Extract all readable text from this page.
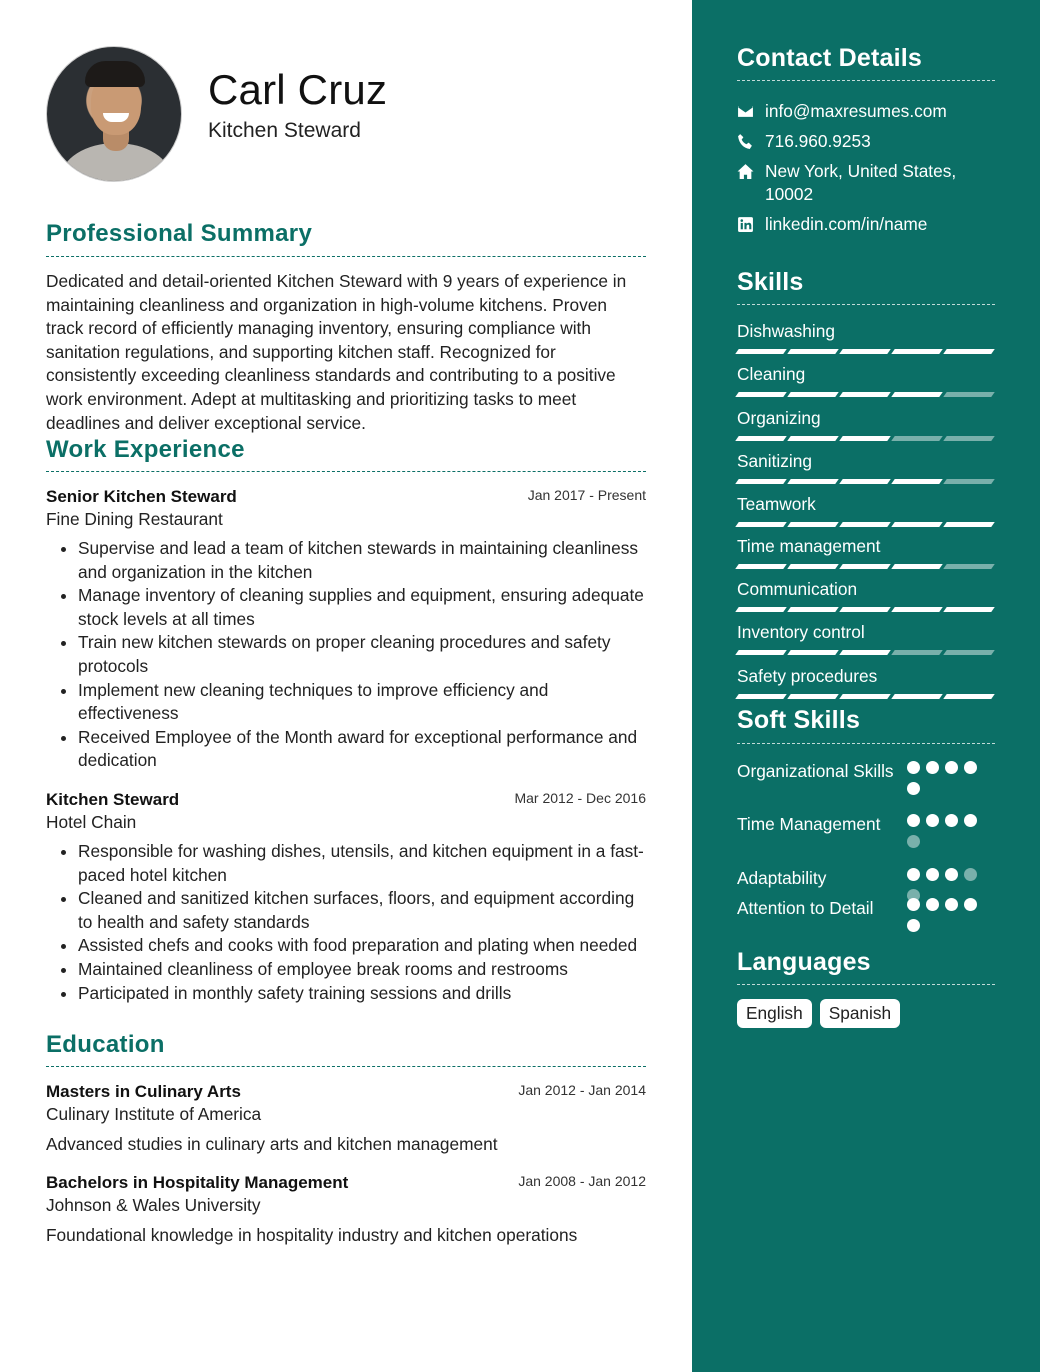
Carl Cruz
Kitchen Steward
Professional Summary
Dedicated and detail-oriented Kitchen Steward with 9 years of experience in maintaining cleanliness and organization in high-volume kitchens. Proven track record of efficiently managing inventory, ensuring compliance with sanitation regulations, and supporting kitchen staff. Recognized for consistently exceeding cleanliness standards and contributing to a positive work environment. Adept at multitasking and prioritizing tasks to meet deadlines and deliver exceptional service.
Work Experience
Senior Kitchen Steward
Fine Dining Restaurant
Jan 2017 - Present
• Supervise and lead a team of kitchen stewards in maintaining cleanliness and organization in the kitchen
• Manage inventory of cleaning supplies and equipment, ensuring adequate stock levels at all times
• Train new kitchen stewards on proper cleaning procedures and safety protocols
• Implement new cleaning techniques to improve efficiency and effectiveness
• Received Employee of the Month award for exceptional performance and dedication
Kitchen Steward
Hotel Chain
Mar 2012 - Dec 2016
• Responsible for washing dishes, utensils, and kitchen equipment in a fast-paced hotel kitchen
• Cleaned and sanitized kitchen surfaces, floors, and equipment according to health and safety standards
• Assisted chefs and cooks with food preparation and plating when needed
• Maintained cleanliness of employee break rooms and restrooms
• Participated in monthly safety training sessions and drills
Education
Masters in Culinary Arts
Culinary Institute of America
Jan 2012 - Jan 2014
Advanced studies in culinary arts and kitchen management
Bachelors in Hospitality Management
Johnson & Wales University
Jan 2008 - Jan 2012
Foundational knowledge in hospitality industry and kitchen operations
Contact Details
info@maxresumes.com
716.960.9253
New York, United States, 10002
linkedin.com/in/name
Skills
Dishwashing
Cleaning
Organizing
Sanitizing
Teamwork
Time management
Communication
Inventory control
Safety procedures
Soft Skills
Organizational Skills
Time Management
Adaptability
Attention to Detail
Languages
English	Spanish
